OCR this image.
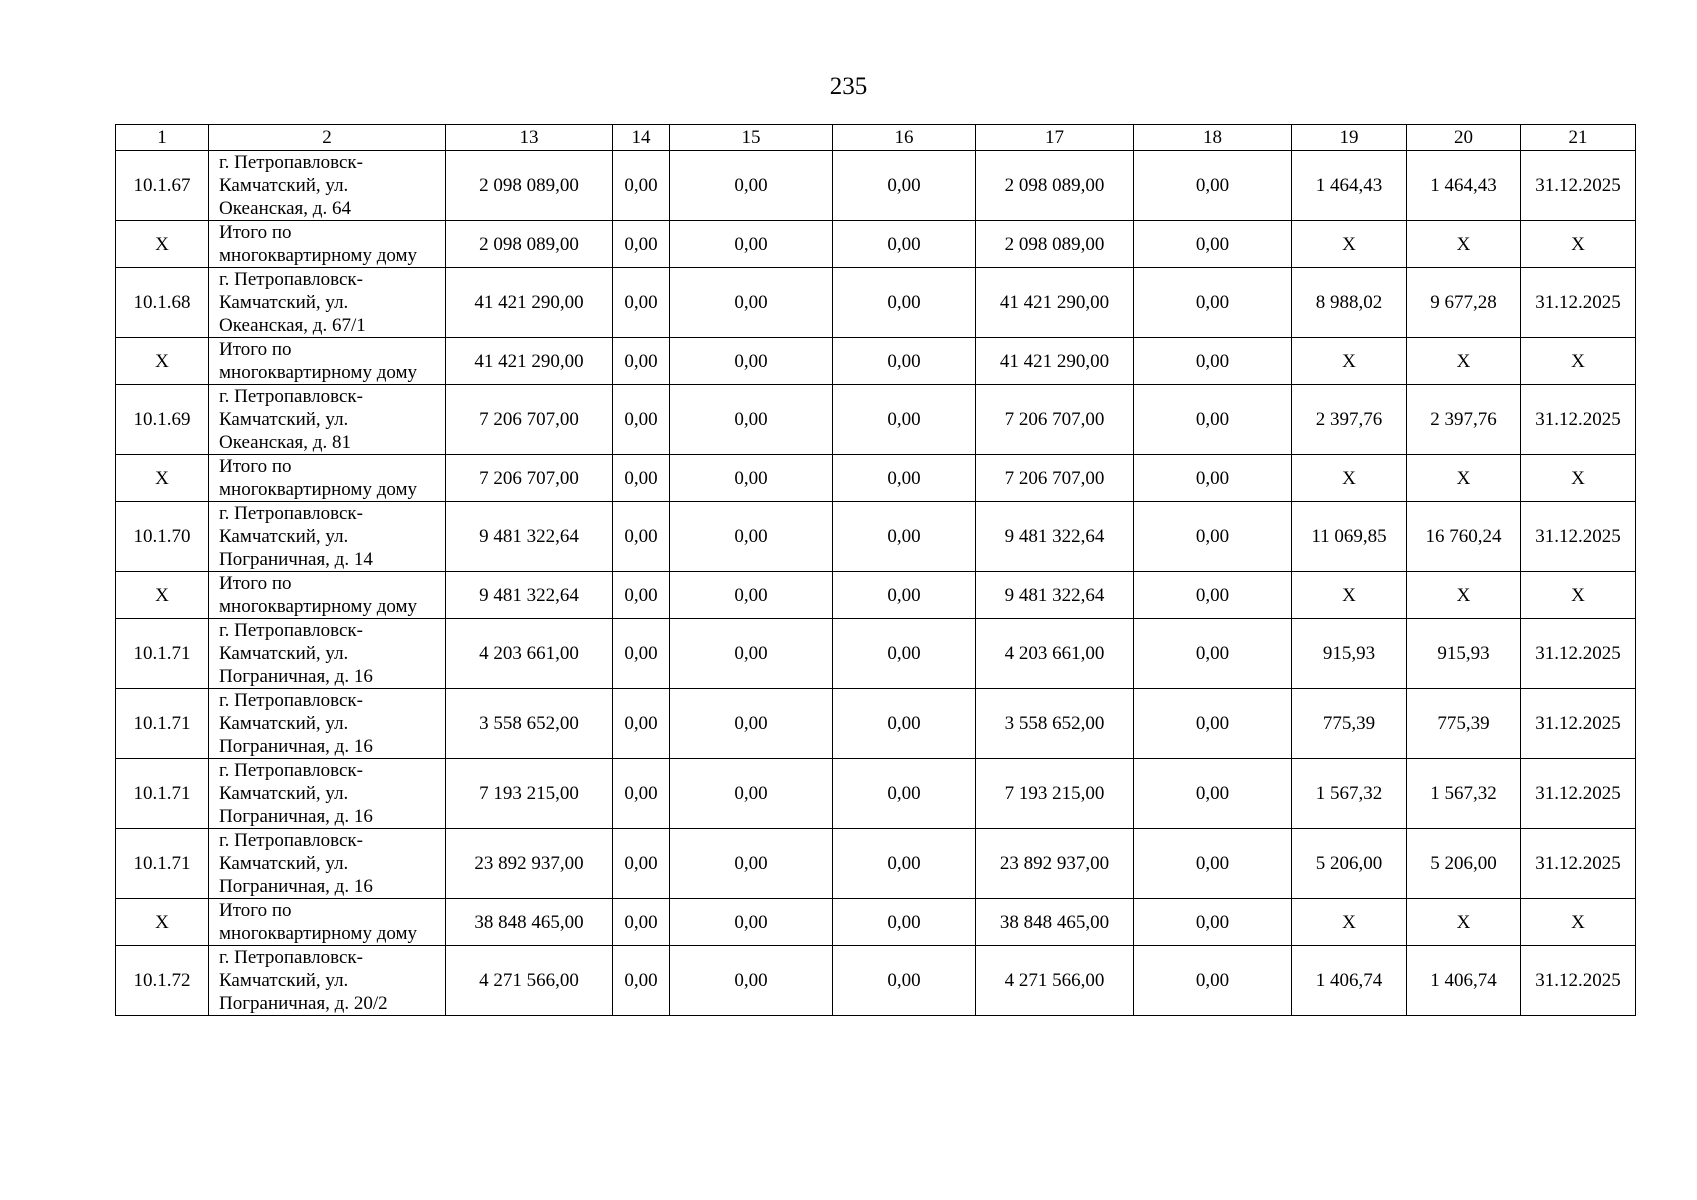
235
1	2	13	14	15	16	17	18	19	20	21
10.1.67	г. Петропавловск-
Камчатский, ул.
Океанская, д. 64	2 098 089,00	0,00	0,00	0,00	2 098 089,00	0,00	1 464,43	1 464,43	31.12.2025
X	Итого по
многоквартирному дому	2 098 089,00	0,00	0,00	0,00	2 098 089,00	0,00	X	X	X
10.1.68	г. Петропавловск-
Камчатский, ул.
Океанская, д. 67/1	41 421 290,00	0,00	0,00	0,00	41 421 290,00	0,00	8 988,02	9 677,28	31.12.2025
X	Итого по
многоквартирному дому	41 421 290,00	0,00	0,00	0,00	41 421 290,00	0,00	X	X	X
10.1.69	г. Петропавловск-
Камчатский, ул.
Океанская, д. 81	7 206 707,00	0,00	0,00	0,00	7 206 707,00	0,00	2 397,76	2 397,76	31.12.2025
X	Итого по
многоквартирному дому	7 206 707,00	0,00	0,00	0,00	7 206 707,00	0,00	X	X	X
10.1.70	г. Петропавловск-
Камчатский, ул.
Пограничная, д. 14	9 481 322,64	0,00	0,00	0,00	9 481 322,64	0,00	11 069,85	16 760,24	31.12.2025
X	Итого по
многоквартирному дому	9 481 322,64	0,00	0,00	0,00	9 481 322,64	0,00	X	X	X
10.1.71	г. Петропавловск-
Камчатский, ул.
Пограничная, д. 16	4 203 661,00	0,00	0,00	0,00	4 203 661,00	0,00	915,93	915,93	31.12.2025
10.1.71	г. Петропавловск-
Камчатский, ул.
Пограничная, д. 16	3 558 652,00	0,00	0,00	0,00	3 558 652,00	0,00	775,39	775,39	31.12.2025
10.1.71	г. Петропавловск-
Камчатский, ул.
Пограничная, д. 16	7 193 215,00	0,00	0,00	0,00	7 193 215,00	0,00	1 567,32	1 567,32	31.12.2025
10.1.71	г. Петропавловск-
Камчатский, ул.
Пограничная, д. 16	23 892 937,00	0,00	0,00	0,00	23 892 937,00	0,00	5 206,00	5 206,00	31.12.2025
X	Итого по
многоквартирному дому	38 848 465,00	0,00	0,00	0,00	38 848 465,00	0,00	X	X	X
10.1.72	г. Петропавловск-
Камчатский, ул.
Пограничная, д. 20/2	4 271 566,00	0,00	0,00	0,00	4 271 566,00	0,00	1 406,74	1 406,74	31.12.2025
